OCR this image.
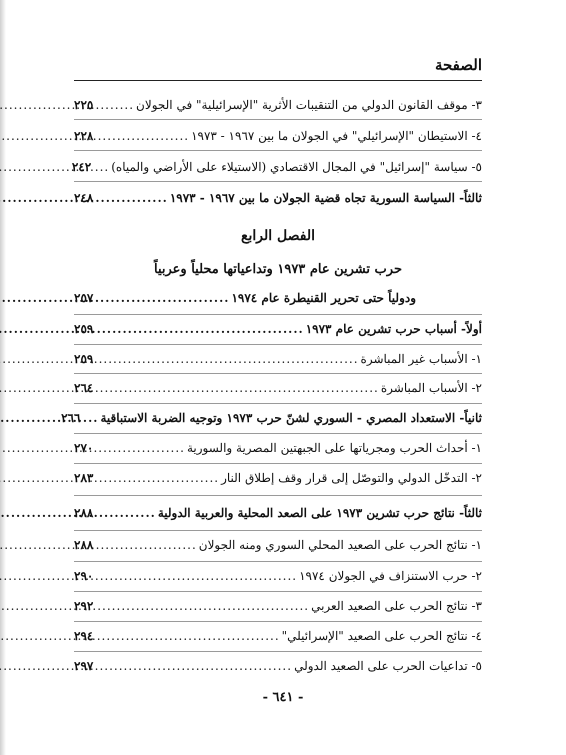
الصفحة
٣- موقف القانون الدولي من التنقيبات الأثرية "الإسرائيلية" في الجولان
.....
٢٢٥
٤- الاستيطان "الإسرائيلي" في الجولان ما بين ١٩٦٧ - ١٩٧٣
.....
٢٢٨
٥- سياسة "إسرائيل" في المجال الاقتصادي (الاستيلاء على الأراضي والمياه)
.....
٢٤٢
ثالثاً- السياسة السورية تجاه قضية الجولان ما بين ١٩٦٧ - ١٩٧٣
.....
٢٤٨
الفصل الرابع
حرب تشرين عام ١٩٧٣ وتداعياتها محلياً وعربياً
ودولياً حتى تحرير القنيطرة عام ١٩٧٤
.....
٢٥٧
أولاً- أسباب حرب تشرين عام ١٩٧٣
.....
٢٥٩
١- الأسباب غير المباشرة
.....
٢٥٩
٢- الأسباب المباشرة
.....
٢٦٤
ثانياً- الاستعداد المصري - السوري لشنّ حرب ١٩٧٣ وتوجيه الضربة الاستباقية
.....
٢٦٦
١- أحداث الحرب ومجرياتها على الجبهتين المصرية والسورية
.....
٢٧٠
٢- التدخّل الدولي والتوصّل إلى قرار وقف إطلاق النار
.....
٢٨٣
ثالثاً- نتائج حرب تشرين ١٩٧٣ على الصعد المحلية والعربية الدولية
.....
٢٨٨
١- نتائج الحرب على الصعيد المحلي السوري ومنه الجولان
.....
٢٨٨
٢- حرب الاستنزاف في الجولان ١٩٧٤
.....
٢٩٠
٣- نتائج الحرب على الصعيد العربي
.....
٢٩٢
٤- نتائج الحرب على الصعيد "الإسرائيلي"
.....
٢٩٤
٥- تداعيات الحرب على الصعيد الدولي
.....
٢٩٧
- ٦٤١ -
